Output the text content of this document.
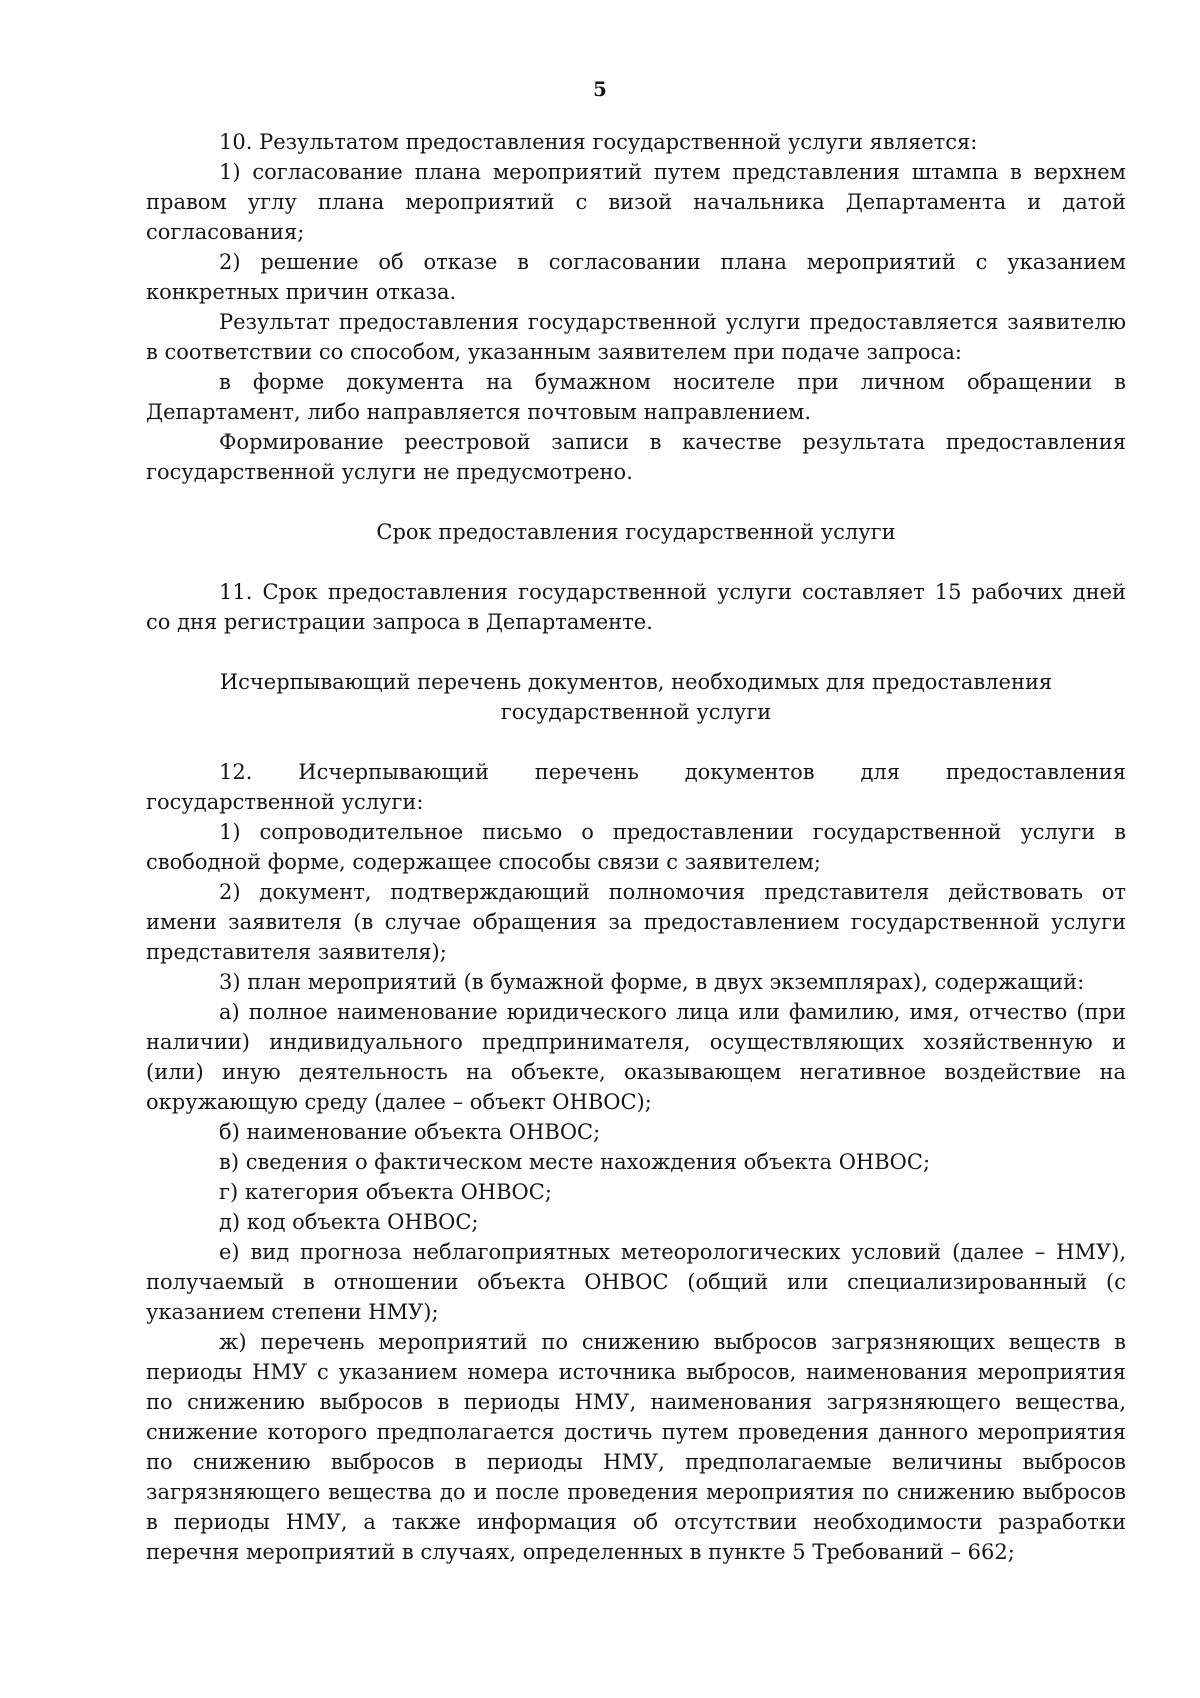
5
10. Результатом предоставления государственной услуги является:
1) согласование плана мероприятий путем представления штампа в верхнем
правом углу плана мероприятий с визой начальника Департамента и датой
согласования;
2) решение об отказе в согласовании плана мероприятий с указанием
конкретных причин отказа.
Результат предоставления государственной услуги предоставляется заявителю
в соответствии со способом, указанным заявителем при подаче запроса:
в форме документа на бумажном носителе при личном обращении в
Департамент, либо направляется почтовым направлением.
Формирование реестровой записи в качестве результата предоставления
государственной услуги не предусмотрено.
Срок предоставления государственной услуги
11. Срок предоставления государственной услуги составляет 15 рабочих дней
со дня регистрации запроса в Департаменте.
Исчерпывающий перечень документов, необходимых для предоставления
государственной услуги
12. Исчерпывающий перечень документов для предоставления
государственной услуги:
1) сопроводительное письмо о предоставлении государственной услуги в
свободной форме, содержащее способы связи с заявителем;
2) документ, подтверждающий полномочия представителя действовать от
имени заявителя (в случае обращения за предоставлением государственной услуги
представителя заявителя);
3) план мероприятий (в бумажной форме, в двух экземплярах), содержащий:
а) полное наименование юридического лица или фамилию, имя, отчество (при
наличии) индивидуального предпринимателя, осуществляющих хозяйственную и
(или) иную деятельность на объекте, оказывающем негативное воздействие на
окружающую среду (далее – объект ОНВОС);
б) наименование объекта ОНВОС;
в) сведения о фактическом месте нахождения объекта ОНВОС;
г) категория объекта ОНВОС;
д) код объекта ОНВОС;
е) вид прогноза неблагоприятных метеорологических условий (далее – НМУ),
получаемый в отношении объекта ОНВОС (общий или специализированный (с
указанием степени НМУ);
ж) перечень мероприятий по снижению выбросов загрязняющих веществ в
периоды НМУ с указанием номера источника выбросов, наименования мероприятия
по снижению выбросов в периоды НМУ, наименования загрязняющего вещества,
снижение которого предполагается достичь путем проведения данного мероприятия
по снижению выбросов в периоды НМУ, предполагаемые величины выбросов
загрязняющего вещества до и после проведения мероприятия по снижению выбросов
в периоды НМУ, а также информация об отсутствии необходимости разработки
перечня мероприятий в случаях, определенных в пункте 5 Требований – 662;
